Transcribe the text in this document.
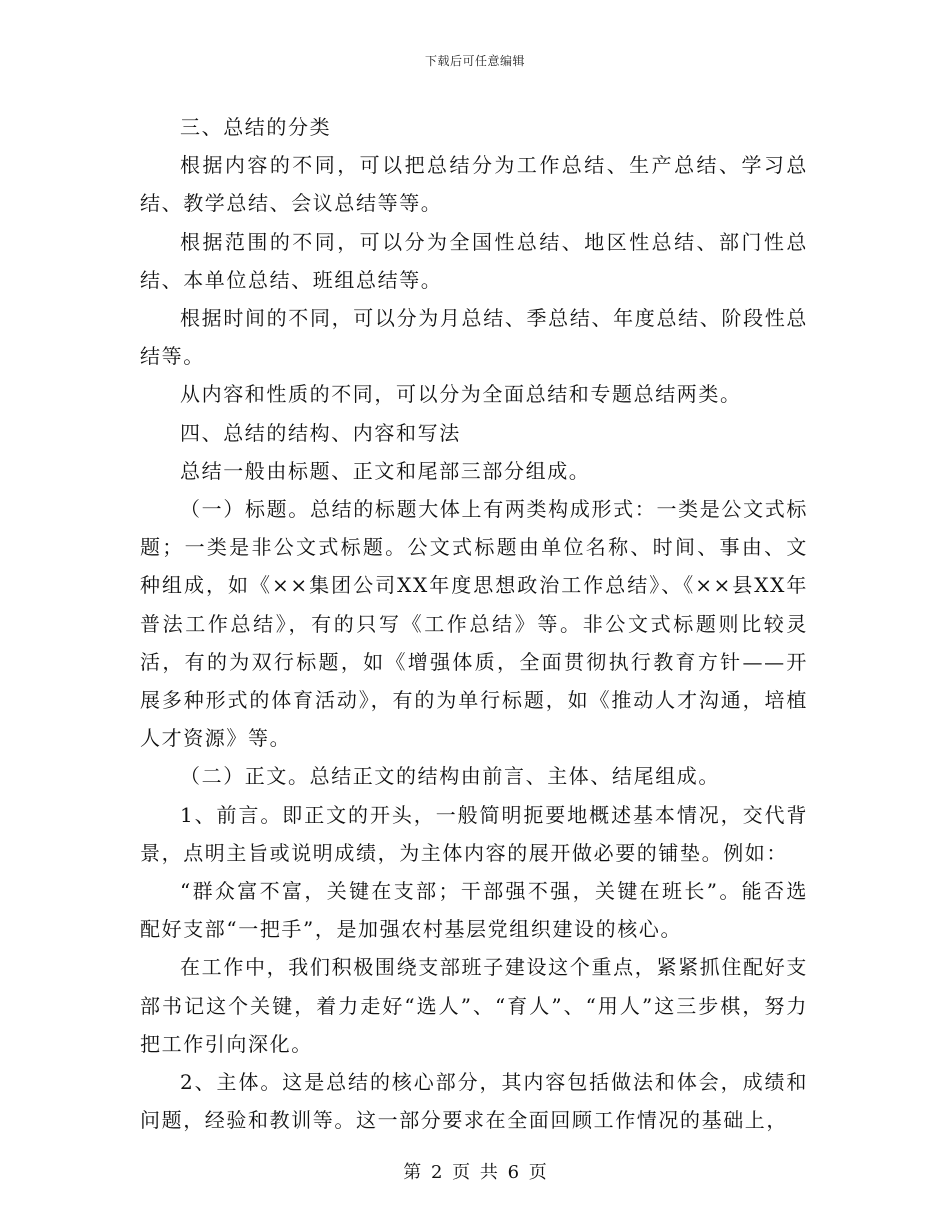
下载后可任意编辑

三、总结的分类

根据内容的不同，可以把总结分为工作总结、生产总结、学习总结、教学总结、会议总结等等。

根据范围的不同，可以分为全国性总结、地区性总结、部门性总结、本单位总结、班组总结等。

根据时间的不同，可以分为月总结、季总结、年度总结、阶段性总结等。

从内容和性质的不同，可以分为全面总结和专题总结两类。

四、总结的结构、内容和写法

总结一般由标题、正文和尾部三部分组成。

（一）标题。总结的标题大体上有两类构成形式：一类是公文式标题；一类是非公文式标题。公文式标题由单位名称、时间、事由、文种组成，如《××集团公司XX年度思想政治工作总结》、《××县XX年普法工作总结》，有的只写《工作总结》等。非公文式标题则比较灵活，有的为双行标题，如《增强体质，全面贯彻执行教育方针——开展多种形式的体育活动》，有的为单行标题，如《推动人才沟通，培植人才资源》等。

（二）正文。总结正文的结构由前言、主体、结尾组成。

1、前言。即正文的开头，一般简明扼要地概述基本情况，交代背景，点明主旨或说明成绩，为主体内容的展开做必要的铺垫。例如：

“群众富不富，关键在支部；干部强不强，关键在班长”。能否选配好支部“一把手”，是加强农村基层党组织建设的核心。

在工作中，我们积极围绕支部班子建设这个重点，紧紧抓住配好支部书记这个关键，着力走好“选人”、“育人”、“用人”这三步棋，努力把工作引向深化。

2、主体。这是总结的核心部分，其内容包括做法和体会，成绩和问题，经验和教训等。这一部分要求在全面回顾工作情况的基础上，

第 2 页 共 6 页
